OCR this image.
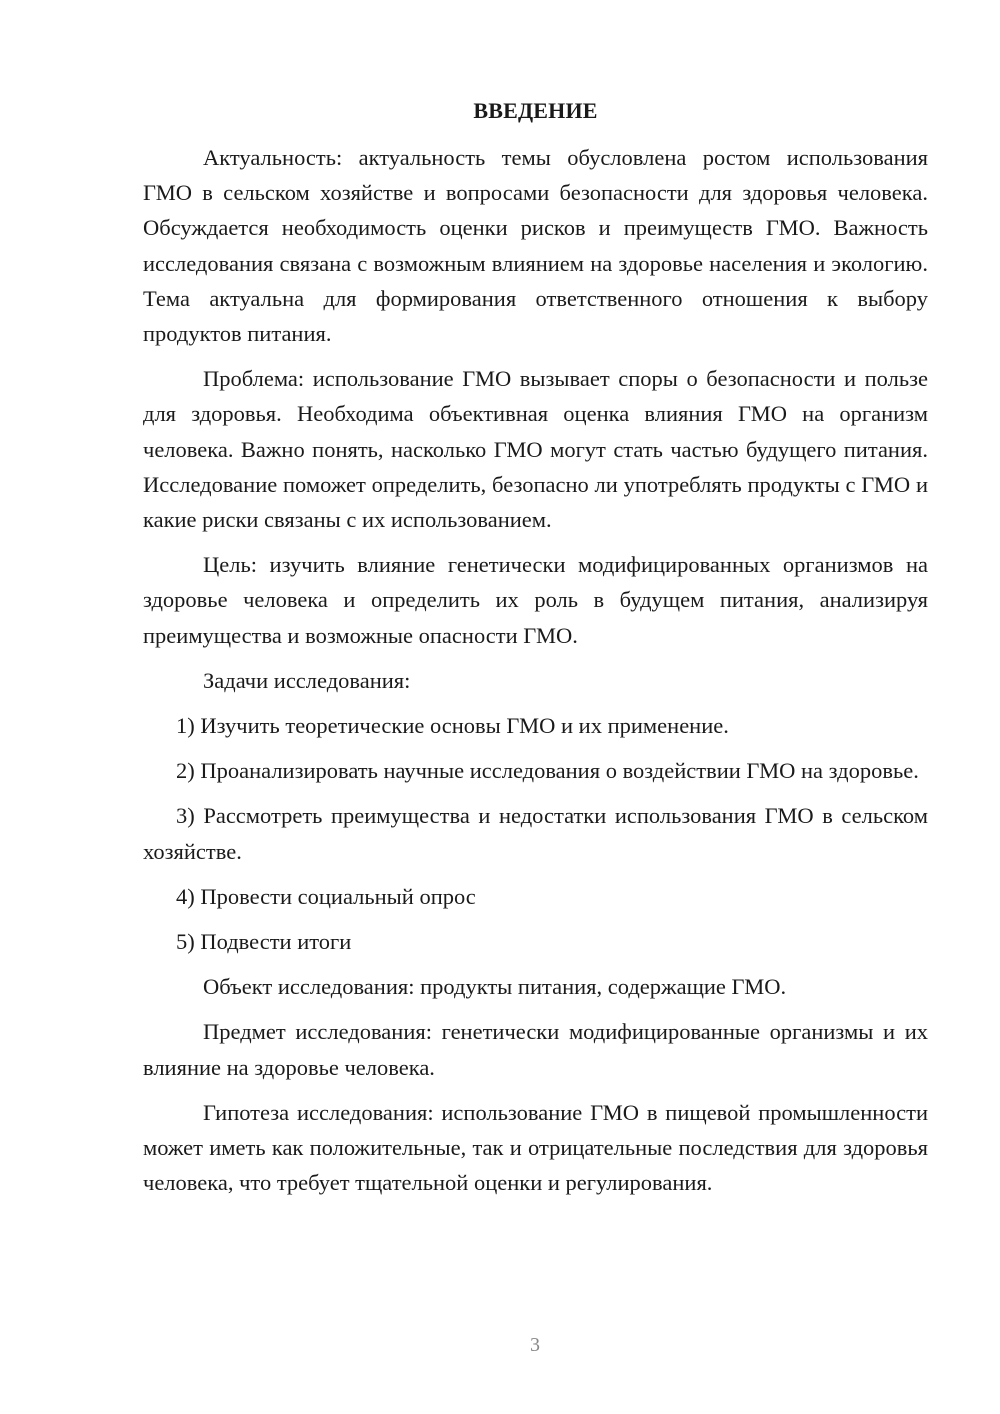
ВВЕДЕНИЕ
Актуальность: актуальность темы обусловлена ростом использования ГМО в сельском хозяйстве и вопросами безопасности для здоровья человека. Обсуждается необходимость оценки рисков и преимуществ ГМО. Важность исследования связана с возможным влиянием на здоровье населения и экологию. Тема актуальна для формирования ответственного отношения к выбору продуктов питания.
Проблема: использование ГМО вызывает споры о безопасности и пользе для здоровья. Необходима объективная оценка влияния ГМО на организм человека. Важно понять, насколько ГМО могут стать частью будущего питания. Исследование поможет определить, безопасно ли употреблять продукты с ГМО и какие риски связаны с их использованием.
Цель: изучить влияние генетически модифицированных организмов на здоровье человека и определить их роль в будущем питания, анализируя преимущества и возможные опасности ГМО.
Задачи исследования:
1) Изучить теоретические основы ГМО и их применение.
2) Проанализировать научные исследования о воздействии ГМО на здоровье.
3) Рассмотреть преимущества и недостатки использования ГМО в сельском хозяйстве.
4) Провести социальный опрос
5) Подвести итоги
Объект исследования: продукты питания, содержащие ГМО.
Предмет исследования: генетически модифицированные организмы и их влияние на здоровье человека.
Гипотеза исследования: использование ГМО в пищевой промышленности может иметь как положительные, так и отрицательные последствия для здоровья человека, что требует тщательной оценки и регулирования.
3
